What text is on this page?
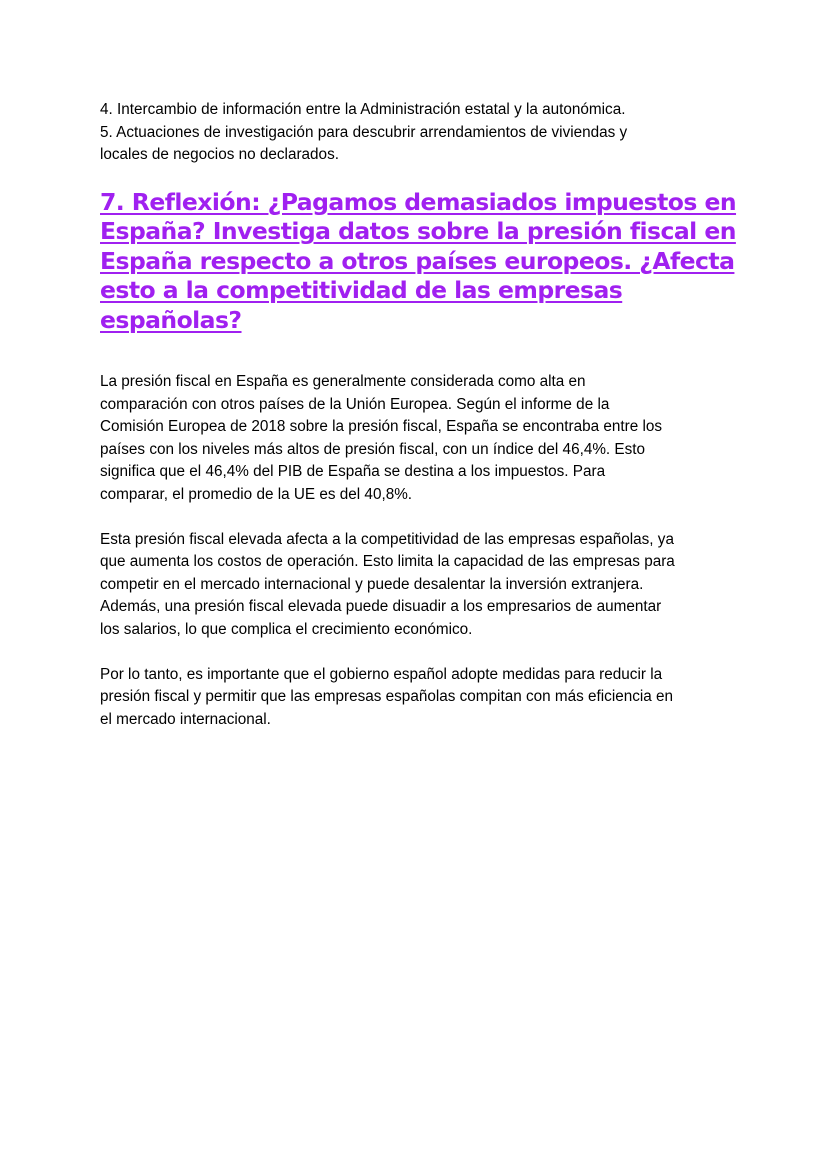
4. Intercambio de información entre la Administración estatal y la autonómica.
5. Actuaciones de investigación para descubrir arrendamientos de viviendas y
locales de negocios no declarados.
7. Reflexión: ¿Pagamos demasiados impuestos en
España? Investiga datos sobre la presión fiscal en
España respecto a otros países europeos. ¿Afecta
esto a la competitividad de las empresas
españolas?

La presión fiscal en España es generalmente considerada como alta en
comparación con otros países de la Unión Europea. Según el informe de la
Comisión Europea de 2018 sobre la presión fiscal, España se encontraba entre los
países con los niveles más altos de presión fiscal, con un índice del 46,4%. Esto
significa que el 46,4% del PIB de España se destina a los impuestos. Para
comparar, el promedio de la UE es del 40,8%.

Esta presión fiscal elevada afecta a la competitividad de las empresas españolas, ya
que aumenta los costos de operación. Esto limita la capacidad de las empresas para
competir en el mercado internacional y puede desalentar la inversión extranjera.
Además, una presión fiscal elevada puede disuadir a los empresarios de aumentar
los salarios, lo que complica el crecimiento económico.

Por lo tanto, es importante que el gobierno español adopte medidas para reducir la
presión fiscal y permitir que las empresas españolas compitan con más eficiencia en
el mercado internacional.
